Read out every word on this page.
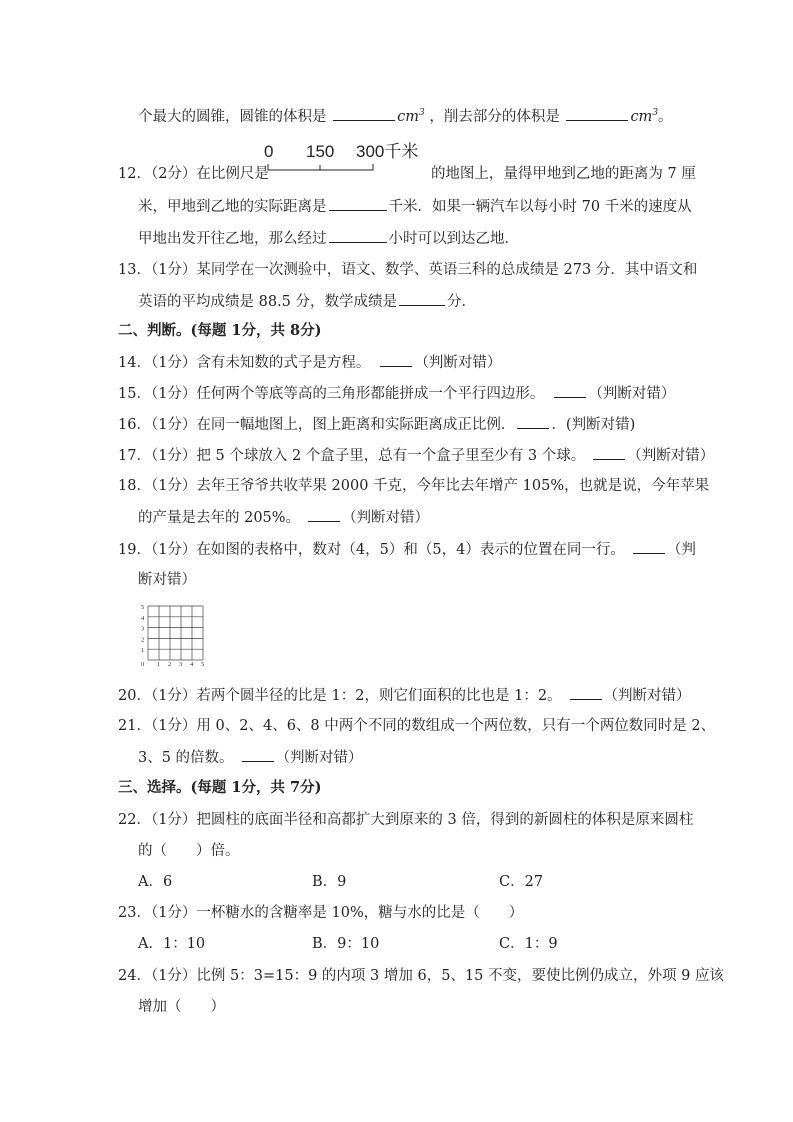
个最大的圆锥，圆锥的体积是	$cm^3$ ，削去部分的体积是	$cm^3$。
0 150 300千米
12．（2分）在比例尺是	的地图上，量得甲地到乙地的距离为 7 厘
米，甲地到乙地的实际距离是	千米．如果一辆汽车以每小时 70 千米的速度从
甲地出发开往乙地，那么经过	小时可以到达乙地．
13．（1分）某同学在一次测验中，语文、数学、英语三科的总成绩是 273 分．其中语文和
英语的平均成绩是 88.5 分，数学成绩是	分．
二、判断。(每题 1分，共 8分)
14．（1分）含有未知数的式子是方程。	（判断对错）
15．（1分）任何两个等底等高的三角形都能拼成一个平行四边形。	（判断对错）
16．（1分）在同一幅地图上，图上距离和实际距离成正比例． ．(判断对错)
17．（1分）把 5 个球放入 2 个盒子里，总有一个盒子里至少有 3 个球。	（判断对错）
18．（1分）去年王爷爷共收苹果 2000 千克，今年比去年增产 105%，也就是说，今年苹果
的产量是去年的 205%。	（判断对错）
19．（1分）在如图的表格中，数对（4，5）和（5，4）表示的位置在同一行。	（判
断对错）
5
4
3
2
1
0 1 2 3 4 5
20．（1分）若两个圆半径的比是 1：2，则它们面积的比也是 1：2。	（判断对错）
21．（1分）用 0、2、4、6、8 中两个不同的数组成一个两位数，只有一个两位数同时是 2、
3、5 的倍数。	（判断对错）
三、选择。(每题 1分，共 7分)
22．（1分）把圆柱的底面半径和高都扩大到原来的 3 倍，得到的新圆柱的体积是原来圆柱
的（　　）倍。
A．6	B．9	C．27
23．（1分）一杯糖水的含糖率是 10%，糖与水的比是（　　）
A．1：10	B．9：10	C．1：9
24．（1分）比例 5：3=15：9 的内项 3 增加 6，5、15 不变，要使比例仍成立，外项 9 应该
增加（　　）
